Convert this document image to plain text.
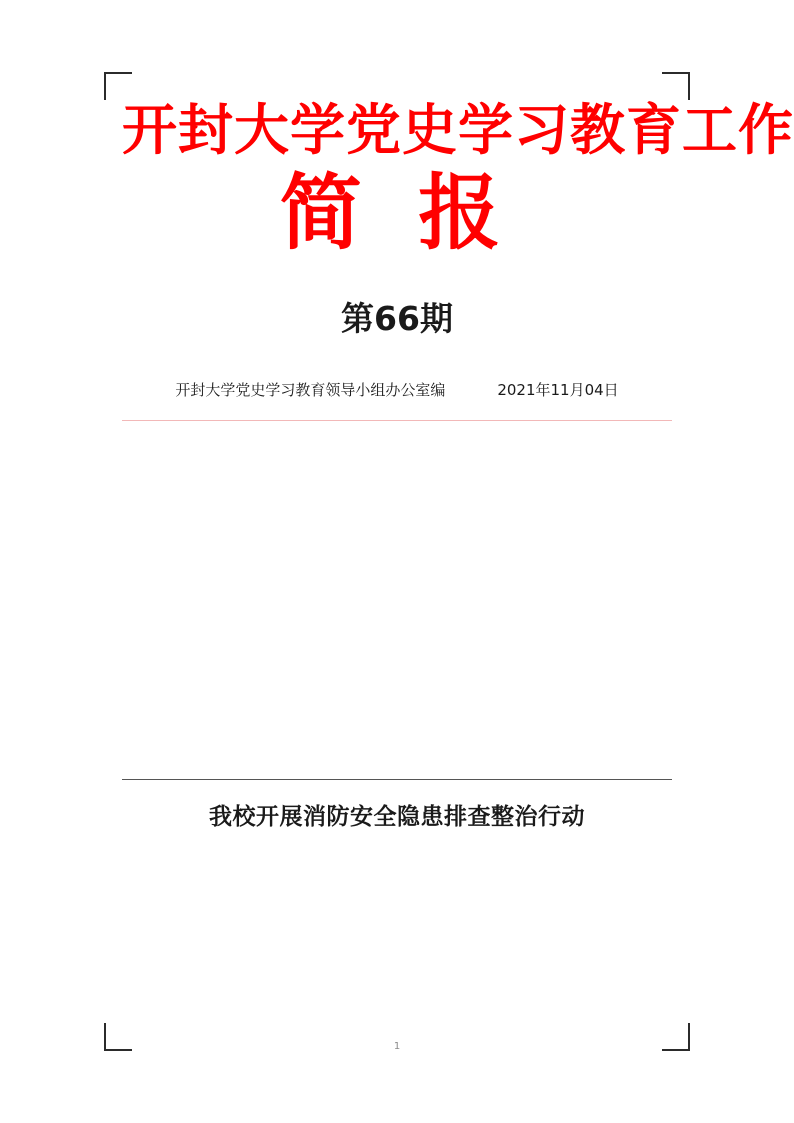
开封大学党史学习教育工作
简 报
第66期
开封大学党史学习教育领导小组办公室编	2021年11月04日
我校开展消防安全隐患排查整治行动
1
